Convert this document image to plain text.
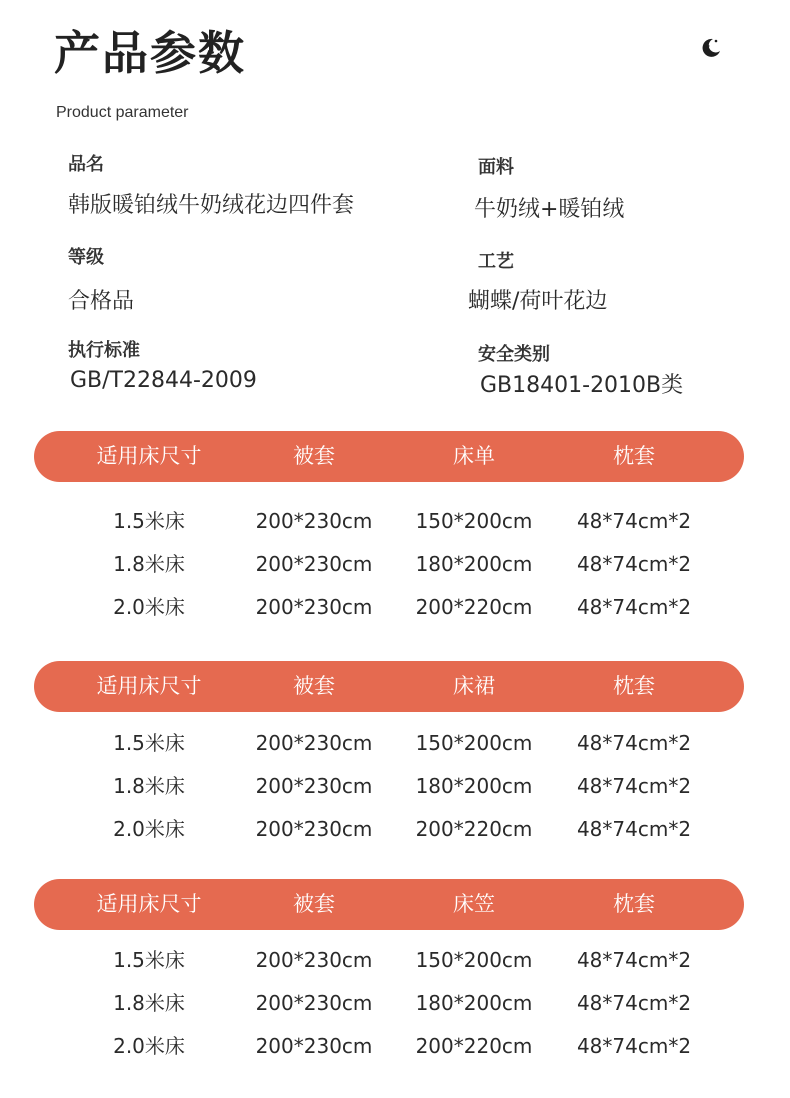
产品参数
Product parameter
品名
韩版暖铂绒牛奶绒花边四件套
面料
牛奶绒+暖铂绒
等级
合格品
工艺
蝴蝶/荷叶花边
执行标准
GB/T22844-2009
安全类别
GB18401-2010B类
适用床尺寸	被套	床单	枕套
1.5米床	200*230cm	150*200cm	48*74cm*2
1.8米床	200*230cm	180*200cm	48*74cm*2
2.0米床	200*230cm	200*220cm	48*74cm*2
适用床尺寸	被套	床裙	枕套
1.5米床	200*230cm	150*200cm	48*74cm*2
1.8米床	200*230cm	180*200cm	48*74cm*2
2.0米床	200*230cm	200*220cm	48*74cm*2
适用床尺寸	被套	床笠	枕套
1.5米床	200*230cm	150*200cm	48*74cm*2
1.8米床	200*230cm	180*200cm	48*74cm*2
2.0米床	200*230cm	200*220cm	48*74cm*2
